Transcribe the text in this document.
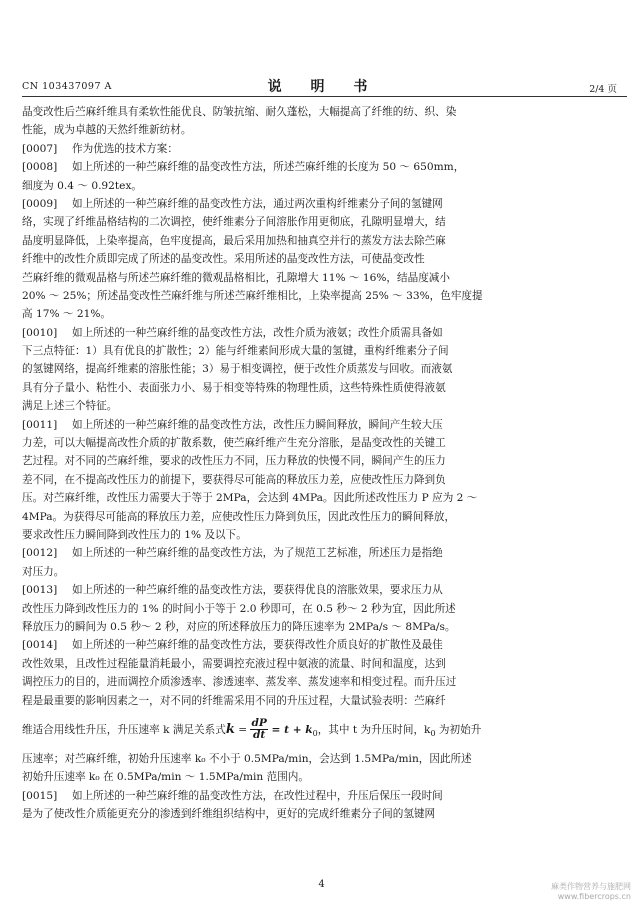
CN 103437097 A	说 明 书	2/4 页
晶变改性后苎麻纤维具有柔软性能优良、防皱抗缩、耐久蓬松，大幅提高了纤维的纺、织、染
性能，成为卓越的天然纤维新纺材。
[0007] 作为优选的技术方案：
[0008] 如上所述的一种苎麻纤维的晶变改性方法，所述苎麻纤维的长度为 50 ～ 650mm，
细度为 0.4 ～ 0.92tex。
[0009] 如上所述的一种苎麻纤维的晶变改性方法，通过两次重构纤维素分子间的氢键网
络，实现了纤维晶格结构的二次调控，使纤维素分子间溶胀作用更彻底，孔隙明显增大，结
晶度明显降低，上染率提高，色牢度提高，最后采用加热和抽真空并行的蒸发方法去除苎麻
纤维中的改性介质即完成了所述的晶变改性。采用所述的晶变改性方法，可使晶变改性
苎麻纤维的微观晶格与所述苎麻纤维的微观晶格相比，孔隙增大 11% ～ 16%，结晶度减小
20% ～ 25%；所述晶变改性苎麻纤维与所述苎麻纤维相比，上染率提高 25% ～ 33%，色牢度提
高 17% ～ 21%。
[0010] 如上所述的一种苎麻纤维的晶变改性方法，改性介质为液氨；改性介质需具备如
下三点特征：1）具有优良的扩散性；2）能与纤维素间形成大量的氢键，重构纤维素分子间
的氢键网络，提高纤维素的溶胀性能；3）易于相变调控，便于改性介质蒸发与回收。而液氨
具有分子量小、粘性小、表面张力小、易于相变等特殊的物理性质，这些特殊性质使得液氨
满足上述三个特征。
[0011] 如上所述的一种苎麻纤维的晶变改性方法，改性压力瞬间释放，瞬间产生较大压
力差，可以大幅提高改性介质的扩散系数，使苎麻纤维产生充分溶胀，是晶变改性的关键工
艺过程。对不同的苎麻纤维，要求的改性压力不同，压力释放的快慢不同，瞬间产生的压力
差不同，在不提高改性压力的前提下，要获得尽可能高的释放压力差，应使改性压力降到负
压。对苎麻纤维，改性压力需要大于等于 2MPa，会达到 4MPa。因此所述改性压力 P 应为 2 ～
4MPa。为获得尽可能高的释放压力差，应使改性压力降到负压，因此改性压力的瞬间释放，
要求改性压力瞬间降到改性压力的 1% 及以下。
[0012] 如上所述的一种苎麻纤维的晶变改性方法，为了规范工艺标准，所述压力是指绝
对压力。
[0013] 如上所述的一种苎麻纤维的晶变改性方法，要获得优良的溶胀效果，要求压力从
改性压力降到改性压力的 1% 的时间小于等于 2.0 秒即可，在 0.5 秒～ 2 秒为宜，因此所述
释放压力的瞬间为 0.5 秒～ 2 秒，对应的所述释放压力的降压速率为 2MPa/s ～ 8MPa/s。
[0014] 如上所述的一种苎麻纤维的晶变改性方法，要获得改性介质良好的扩散性及最佳
改性效果，且改性过程能量消耗最小，需要调控充液过程中氨液的流量、时间和温度，达到
调控压力的目的，进而调控介质渗透率、渗透速率、蒸发率、蒸发速率和相变过程。而升压过
程是最重要的影响因素之一，对不同的纤维需采用不同的升压过程，大量试验表明：苎麻纤
维适合用线性升压，升压速率 k 满足关系式$k = \frac{dP}{dt} = t + k_0$，其中 t 为升压时间，$k_0$ 为初始升
压速率；对苎麻纤维，初始升压速率 k₀ 不小于 0.5MPa/min，会达到 1.5MPa/min，因此所述
初始升压速率 k₀ 在 0.5MPa/min ～ 1.5MPa/min 范围内。
[0015] 如上所述的一种苎麻纤维的晶变改性方法，在改性过程中，升压后保压一段时间
是为了使改性介质能更充分的渗透到纤维组织结构中，更好的完成纤维素分子间的氢键网
4	麻类作物营养与施肥网
www.fibercrops.cn
